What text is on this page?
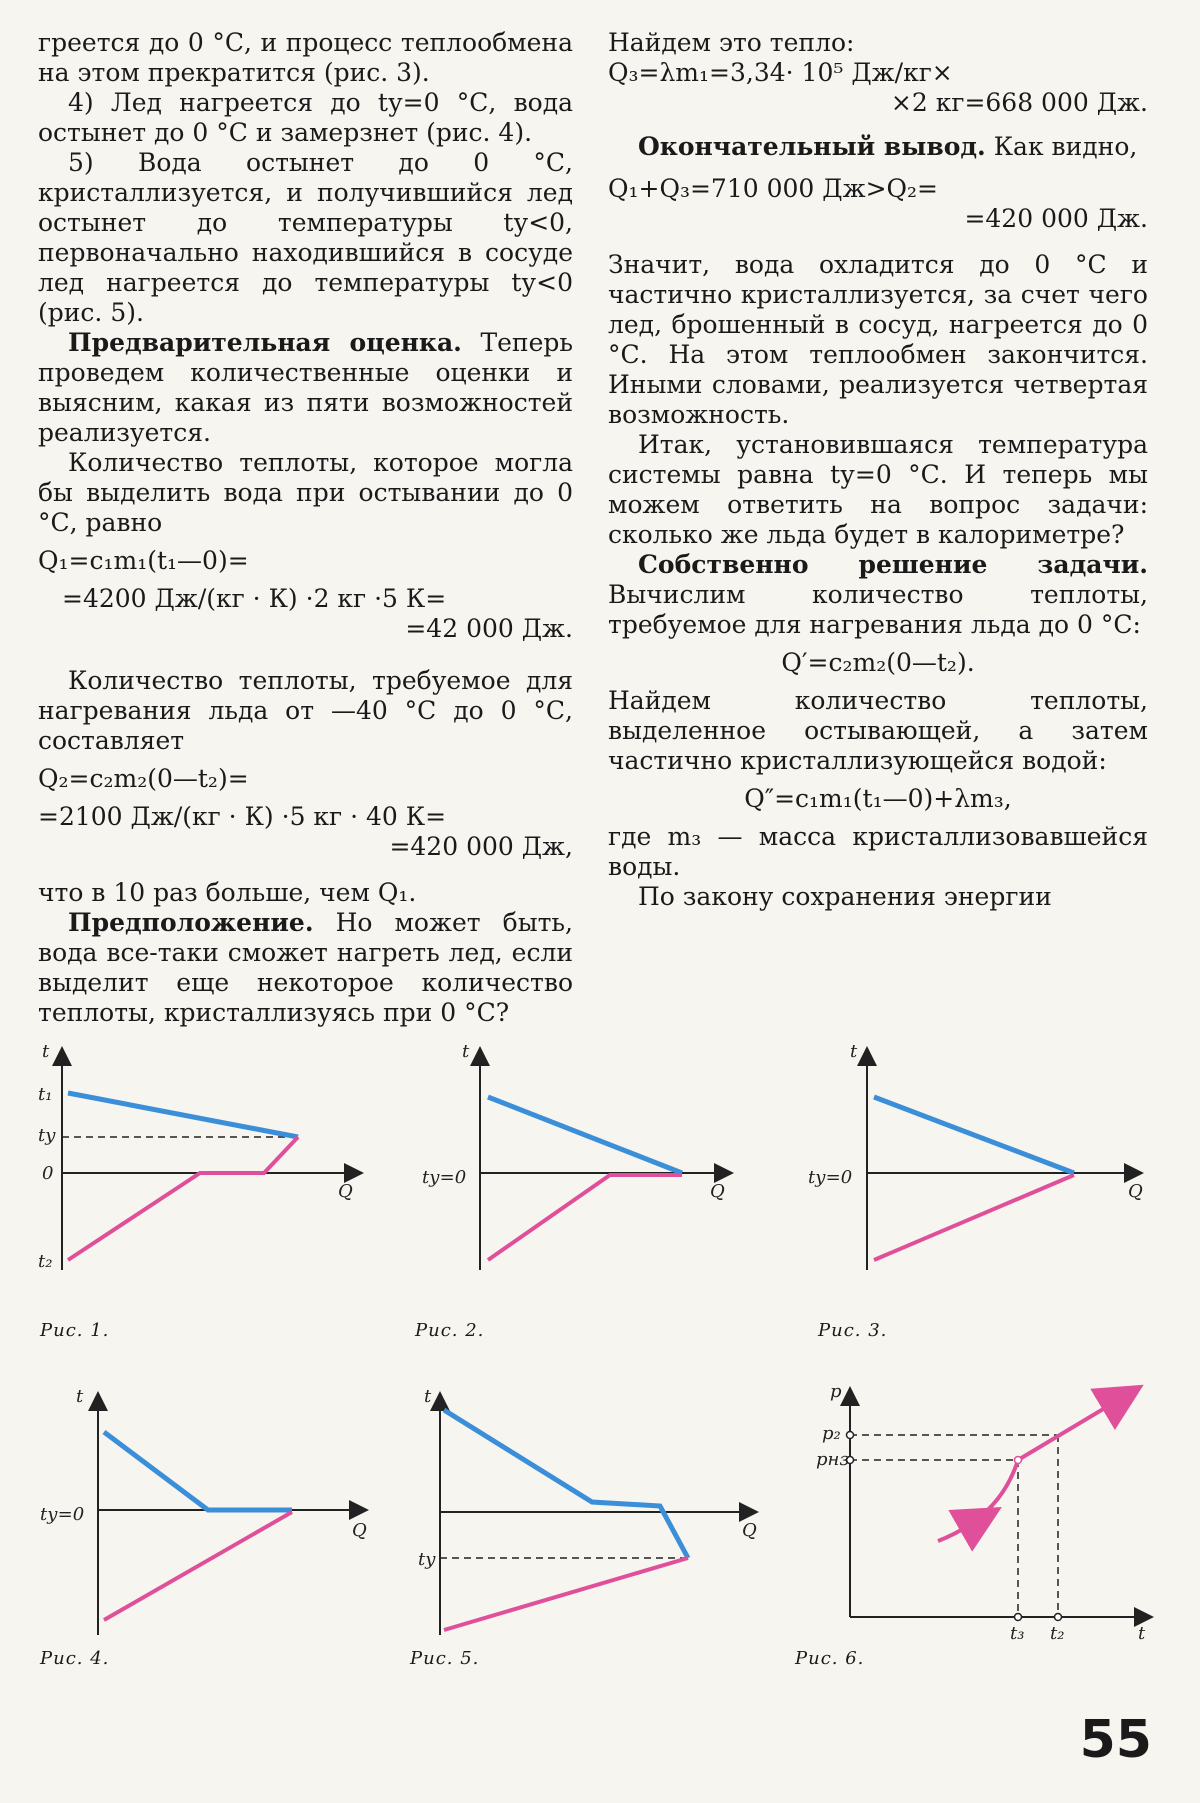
греется до 0 °С, и процесс теплообмена на этом прекратится (рис. 3).

4) Лед нагреется до tу=0 °С, вода остынет до 0 °С и замерзнет (рис. 4).

5) Вода остынет до 0 °С, кристаллизуется, и получившийся лед остынет до температуры tу<0, первоначально находившийся в сосуде лед нагреется до температуры tу<0 (рис. 5).

Предварительная оценка. Теперь проведем количественные оценки и выясним, какая из пяти возможностей реализуется.

Количество теплоты, которое могла бы выделить вода при остывании до 0 °С, равно

Q₁=c₁m₁(t₁—0)=

=4200 Дж/(кг · К) ·2 кг ·5 К=

=42 000 Дж.

Количество теплоты, требуемое для нагревания льда от —40 °С до 0 °С, составляет

Q₂=c₂m₂(0—t₂)=

=2100 Дж/(кг · К) ·5 кг · 40 К=

=420 000 Дж,

что в 10 раз больше, чем Q₁.

Предположение. Но может быть, вода все-таки сможет нагреть лед, если выделит еще некоторое количество теплоты, кристаллизуясь при 0 °С?

Найдем это тепло:

Q₃=λm₁=3,34· 10⁵ Дж/кг×

×2 кг=668 000 Дж.

Окончательный вывод. Как видно,

Q₁+Q₃=710 000 Дж>Q₂=

=420 000 Дж.

Значит, вода охладится до 0 °С и частично кристаллизуется, за счет чего лед, брошенный в сосуд, нагреется до 0 °С. На этом теплообмен закончится. Иными словами, реализуется четвертая возможность.

Итак, установившаяся температура системы равна tу=0 °С. И теперь мы можем ответить на вопрос задачи: сколько же льда будет в калориметре?

Собственно решение задачи. Вычислим количество теплоты, требуемое для нагревания льда до 0 °С:

Q′=c₂m₂(0—t₂).

Найдем количество теплоты, выделенное остывающей, а затем частично кристаллизующейся водой:

Q″=c₁m₁(t₁—0)+λm₃,

где m₃ — масса кристаллизовавшейся воды.

По закону сохранения энергии

t
Q
t₁
tу
0
t₂
Рис. 1.
t
Q
tу=0
Рис. 2.
t
Q
tу=0
Рис. 3.
t
Q
tу=0
Рис. 4.
t
Q
tу
Рис. 5.
p
t
p₂
pнз
t₃ t₂
Рис. 6.
55
